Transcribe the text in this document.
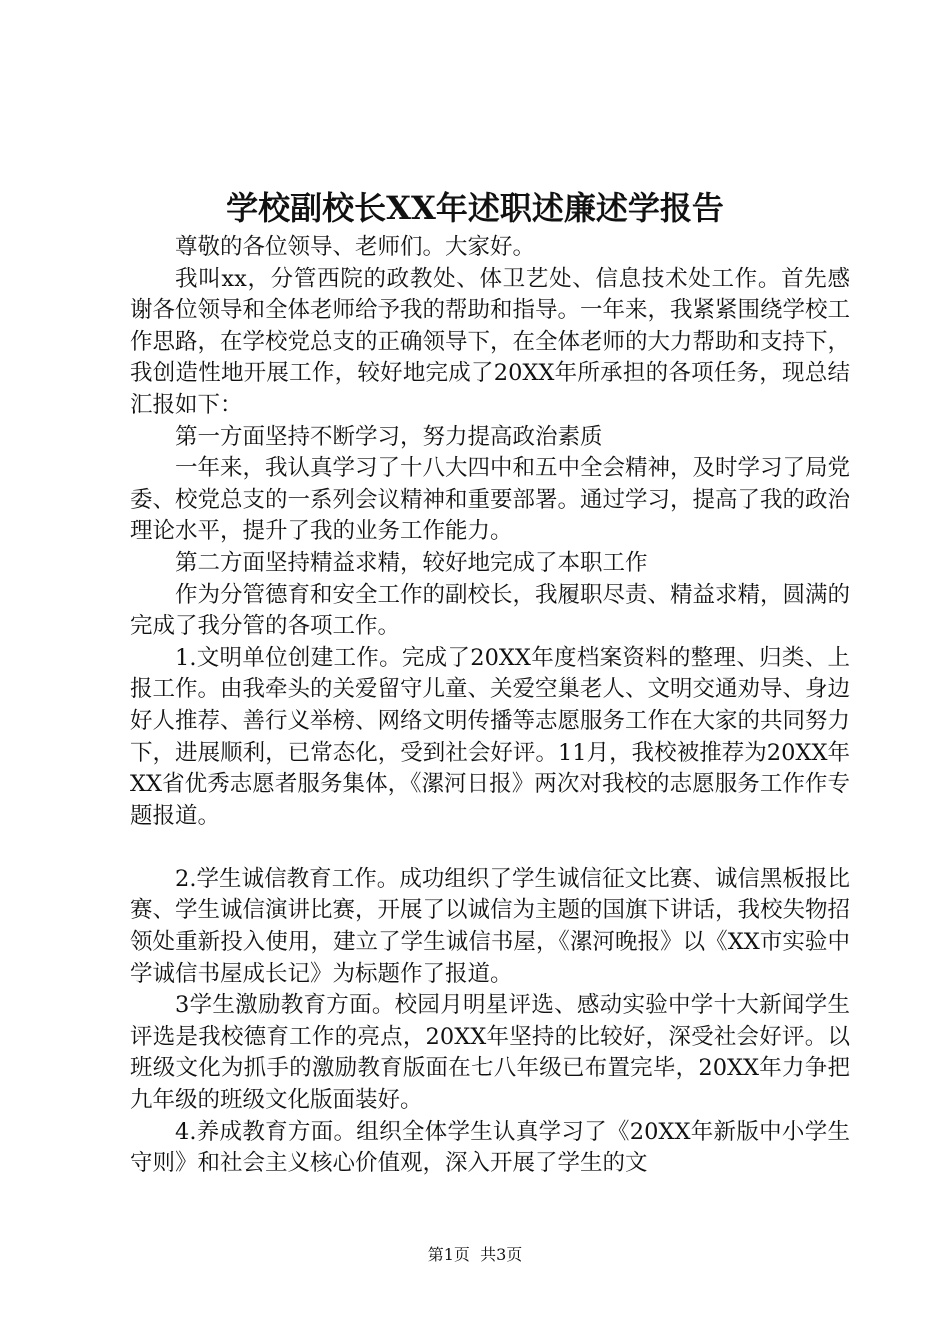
学校副校长XX年述职述廉述学报告

尊敬的各位领导、老师们。大家好。

我叫xx，分管西院的政教处、体卫艺处、信息技术处工作。首先感谢各位领导和全体老师给予我的帮助和指导。一年来，我紧紧围绕学校工作思路，在学校党总支的正确领导下，在全体老师的大力帮助和支持下，我创造性地开展工作，较好地完成了20XX年所承担的各项任务，现总结汇报如下：

第一方面坚持不断学习，努力提高政治素质

一年来，我认真学习了十八大四中和五中全会精神，及时学习了局党委、校党总支的一系列会议精神和重要部署。通过学习，提高了我的政治理论水平，提升了我的业务工作能力。

第二方面坚持精益求精，较好地完成了本职工作

作为分管德育和安全工作的副校长，我履职尽责、精益求精，圆满的完成了我分管的各项工作。

1.文明单位创建工作。完成了20XX年度档案资料的整理、归类、上报工作。由我牵头的关爱留守儿童、关爱空巢老人、文明交通劝导、身边好人推荐、善行义举榜、网络文明传播等志愿服务工作在大家的共同努力下，进展顺利，已常态化，受到社会好评。11月，我校被推荐为20XX年XX省优秀志愿者服务集体，《漯河日报》两次对我校的志愿服务工作作专题报道。

2.学生诚信教育工作。成功组织了学生诚信征文比赛、诚信黑板报比赛、学生诚信演讲比赛，开展了以诚信为主题的国旗下讲话，我校失物招领处重新投入使用，建立了学生诚信书屋，《漯河晚报》以《XX市实验中学诚信书屋成长记》为标题作了报道。

3学生激励教育方面。校园月明星评选、感动实验中学十大新闻学生评选是我校德育工作的亮点，20XX年坚持的比较好，深受社会好评。以班级文化为抓手的激励教育版面在七八年级已布置完毕，20XX年力争把九年级的班级文化版面装好。

4.养成教育方面。组织全体学生认真学习了《20XX年新版中小学生守则》和社会主义核心价值观，深入开展了学生的文

第1页  共3页
